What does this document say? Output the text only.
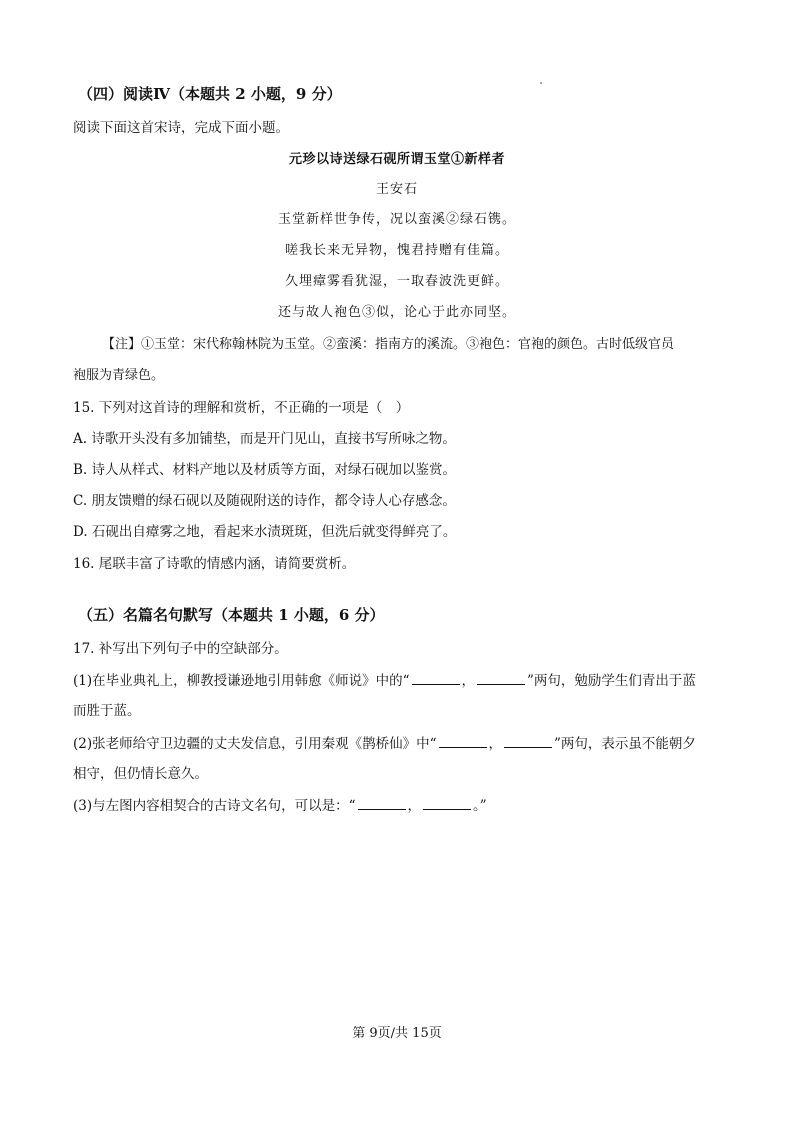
（四）阅读Ⅳ（本题共 2 小题，9 分）
阅读下面这首宋诗，完成下面小题。
元珍以诗送绿石砚所谓玉堂①新样者
王安石
玉堂新样世争传，况以蛮溪②绿石镌。
嗟我长来无异物，愧君持赠有佳篇。
久埋瘴雾看犹湿，一取春波洗更鲜。
还与故人袍色③似，论心于此亦同坚。
【注】①玉堂：宋代称翰林院为玉堂。②蛮溪：指南方的溪流。③袍色：官袍的颜色。古时低级官员
袍服为青绿色。
15. 下列对这首诗的理解和赏析，不正确的一项是（　）
A. 诗歌开头没有多加铺垫，而是开门见山，直接书写所咏之物。
B. 诗人从样式、材料产地以及材质等方面，对绿石砚加以鉴赏。
C. 朋友馈赠的绿石砚以及随砚附送的诗作，都令诗人心存感念。
D. 石砚出自瘴雾之地，看起来水渍斑斑，但洗后就变得鲜亮了。
16. 尾联丰富了诗歌的情感内涵，请简要赏析。
（五）名篇名句默写（本题共 1 小题，6 分）
17. 补写出下列句子中的空缺部分。
(1)在毕业典礼上，柳教授谦逊地引用韩愈《师说》中的“	，	”两句，勉励学生们青出于蓝
而胜于蓝。
(2)张老师给守卫边疆的丈夫发信息，引用秦观《鹊桥仙》中“	，	”两句，表示虽不能朝夕
相守，但仍情长意久。
(3)与左图内容相契合的古诗文名句，可以是：“	，	。”
第 9页/共 15页
